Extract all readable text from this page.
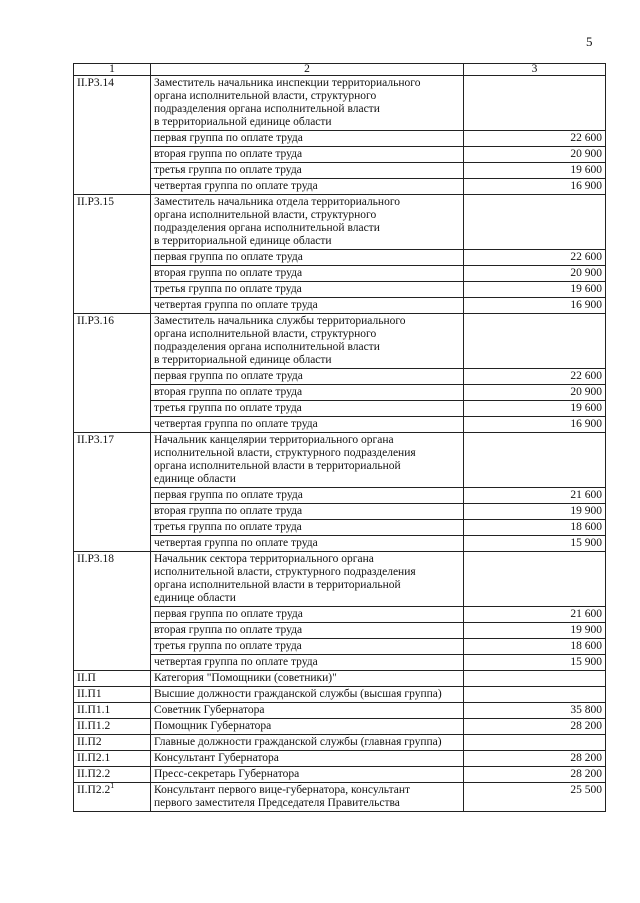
5
1	2	3
II.Р3.14	Заместитель начальника инспекции территориального
органа исполнительной власти, структурного
подразделения органа исполнительной власти
в территориальной единице области	

	первая группа по оплате труда	22 600
	вторая группа по оплате труда	20 900
	третья группа по оплате труда	19 600
	четвертая группа по оплате труда	16 900
II.Р3.15	Заместитель начальника отдела территориального
органа исполнительной власти, структурного
подразделения органа исполнительной власти
в территориальной единице области	

	первая группа по оплате труда	22 600
	вторая группа по оплате труда	20 900
	третья группа по оплате труда	19 600
	четвертая группа по оплате труда	16 900
II.Р3.16	Заместитель начальника службы территориального
органа исполнительной власти, структурного
подразделения органа исполнительной власти
в территориальной единице области	

	первая группа по оплате труда	22 600
	вторая группа по оплате труда	20 900
	третья группа по оплате труда	19 600
	четвертая группа по оплате труда	16 900
II.Р3.17	Начальник канцелярии территориального органа
исполнительной власти, структурного подразделения
органа исполнительной власти в территориальной
единице области	

	первая группа по оплате труда	21 600
	вторая группа по оплате труда	19 900
	третья группа по оплате труда	18 600
	четвертая группа по оплате труда	15 900
II.Р3.18	Начальник сектора территориального органа
исполнительной власти, структурного подразделения
органа исполнительной власти в территориальной
единице области	

	первая группа по оплате труда	21 600
	вторая группа по оплате труда	19 900
	третья группа по оплате труда	18 600
	четвертая группа по оплате труда	15 900
II.П	Категория "Помощники (советники)"	
II.П1	Высшие должности гражданской службы (высшая группа)	
II.П1.1	Советник Губернатора	35 800
II.П1.2	Помощник Губернатора	28 200
II.П2	Главные должности гражданской службы (главная группа)	
II.П2.1	Консультант Губернатора	28 200
II.П2.2	Пресс-секретарь Губернатора	28 200
$II.П2.2^1$	Консультант первого вице-губернатора, консультант
первого заместителя Председателя Правительства	25 500
